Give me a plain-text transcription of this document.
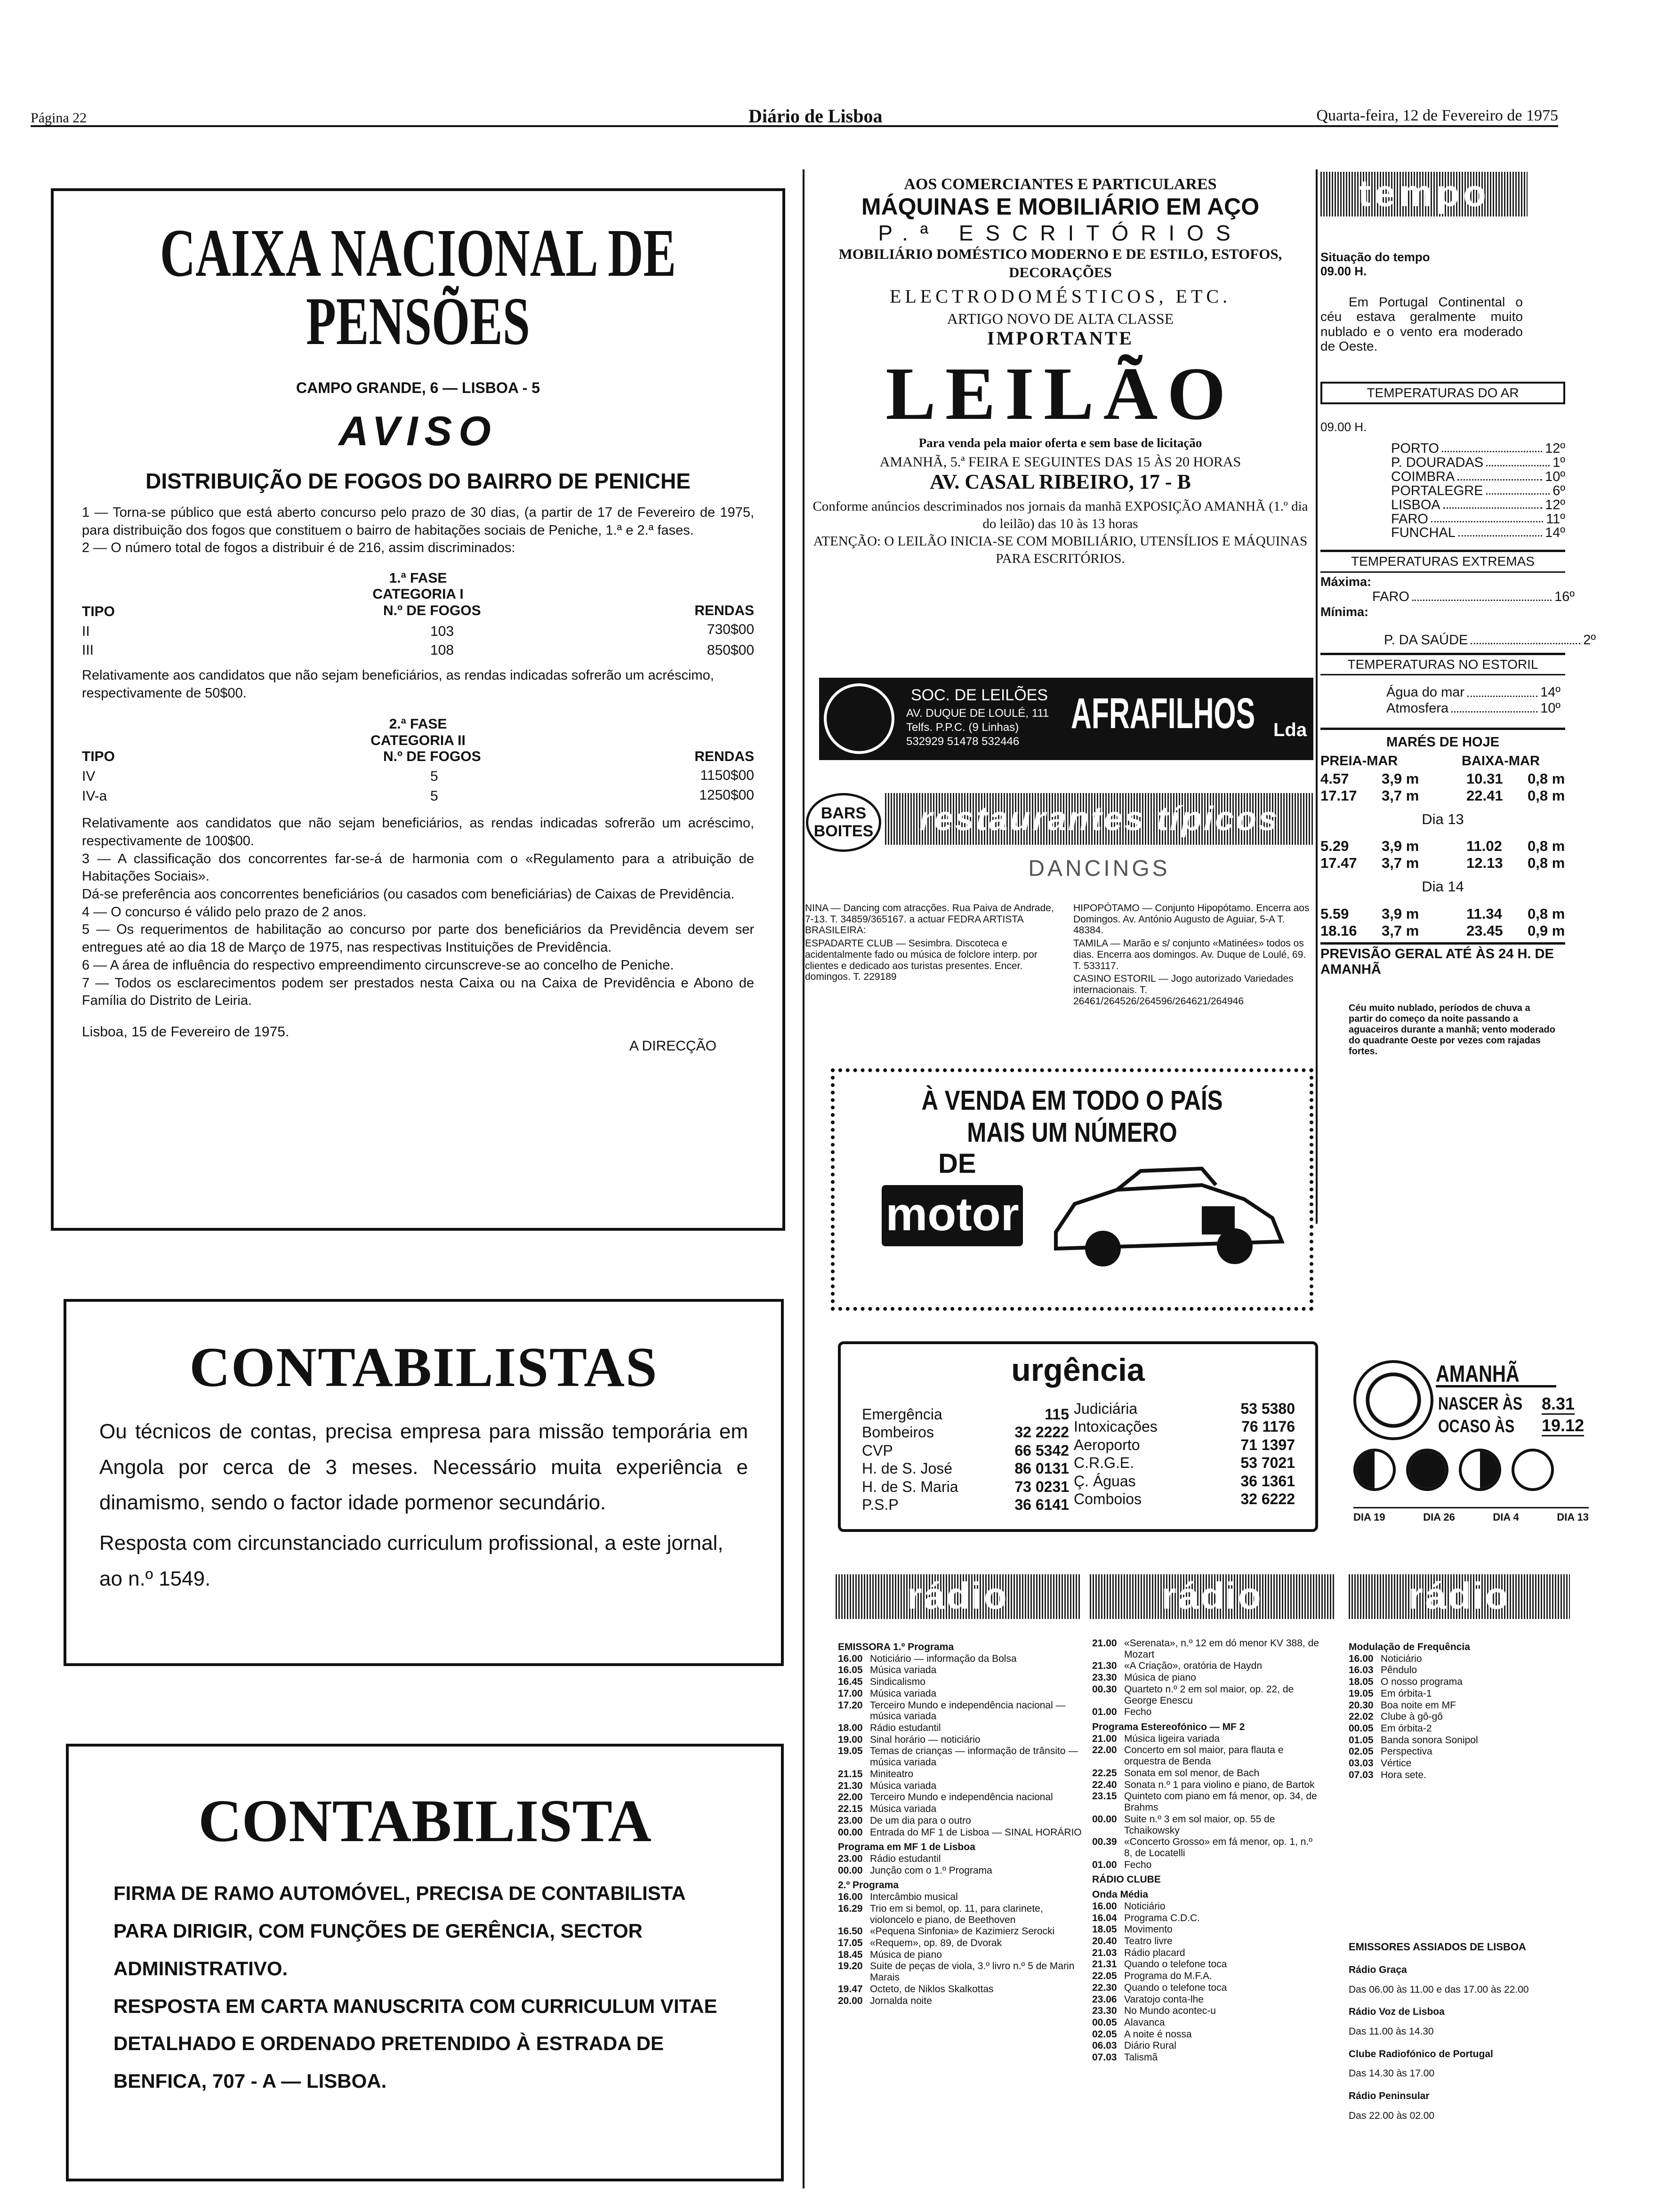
Página 22	Diário de Lisboa	Quarta-feira, 12 de Fevereiro de 1975
CAIXA NACIONAL DE PENSÕES
CAMPO GRANDE, 6 — LISBOA - 5
AVISO
DISTRIBUIÇÃO DE FOGOS DO BAIRRO DE PENICHE

1 — Torna-se público que está aberto concurso pelo prazo de 30 dias, (a partir de 17 de Fevereiro de 1975, para distribuição dos fogos que constituem o bairro de habitações sociais de Peniche, 1.ª e 2.ª fases.

2 — O número total de fogos a distribuir é de 216, assim discriminados:

1.ª FASE
CATEGORIA I
TIPO	N.º DE FOGOS	RENDAS
II	103	730$00
III	108	850$00

Relativamente aos candidatos que não sejam beneficiários, as rendas indicadas sofrerão um acréscimo, respectivamente de 50$00.

2.ª FASE
CATEGORIA II
TIPO	N.º DE FOGOS	RENDAS
IV	5	1150$00
IV-a	5	1250$00

Relativamente aos candidatos que não sejam beneficiários, as rendas indicadas sofrerão um acréscimo, respectivamente de 100$00.

3 — A classificação dos concorrentes far-se-á de harmonia com o «Regulamento para a atribuição de Habitações Sociais».

Dá-se preferência aos concorrentes beneficiários (ou casados com beneficiárias) de Caixas de Previdência.

4 — O concurso é válido pelo prazo de 2 anos.

5 — Os requerimentos de habilitação ao concurso por parte dos beneficiários da Previdência devem ser entregues até ao dia 18 de Março de 1975, nas respectivas Instituições de Previdência.

6 — A área de influência do respectivo empreendimento circunscreve-se ao concelho de Peniche.

7 — Todos os esclarecimentos podem ser prestados nesta Caixa ou na Caixa de Previdência e Abono de Família do Distrito de Leiria.

Lisboa, 15 de Fevereiro de 1975.
A DIRECÇÃO
CONTABILISTAS

Ou técnicos de contas, precisa empresa para missão temporária em Angola por cerca de 3 meses. Necessário muita experiência e dinamismo, sendo o factor idade pormenor secundário.

Resposta com circunstanciado curriculum profissional, a este jornal, ao n.º 1549.

CONTABILISTA

FIRMA DE RAMO AUTOMÓVEL, PRECISA DE CONTABILISTA PARA DIRIGIR, COM FUNÇÕES DE GERÊNCIA, SECTOR ADMINISTRATIVO.

RESPOSTA EM CARTA MANUSCRITA COM CURRICULUM VITAE DETALHADO E ORDENADO PRETENDIDO À ESTRADA DE BENFICA, 707 - A — LISBOA.

AOS COMERCIANTES E PARTICULARES
MÁQUINAS E MOBILIÁRIO EM AÇO
P.ª ESCRITÓRIOS
MOBILIÁRIO DOMÉSTICO MODERNO E DE ESTILO, ESTOFOS, DECORAÇÕES
ELECTRODOMÉSTICOS, ETC.
ARTIGO NOVO DE ALTA CLASSE
IMPORTANTE
LEILÃO
Para venda pela maior oferta e sem base de licitação
AMANHÃ, 5.ª FEIRA E SEGUINTES DAS 15 ÀS 20 HORAS
AV. CASAL RIBEIRO, 17 - B
Conforme anúncios descriminados nos jornais da manhã EXPOSIÇÃO AMANHÃ (1.º dia do leilão) das 10 às 13 horas
ATENÇÃO: O LEILÃO INICIA-SE COM MOBILIÁRIO, UTENSÍLIOS E MÁQUINAS PARA ESCRITÓRIOS.
SOC. DE LEILÕES
AV. DUQUE DE LOULÉ, 111
Telfs. P.P.C. (9 Linhas)
532929 51478 532446
AFRAFILHOS Lda
BARS BOITES	restaurantes típicos
DANCINGS

NINA — Dancing com atracções. Rua Paiva de Andrade, 7-13. T. 34859/365167. a actuar FEDRA ARTISTA BRASILEIRA:

ESPADARTE CLUB — Sesimbra. Discoteca e acidentalmente fado ou música de folclore interp. por clientes e dedicado aos turistas presentes. Encer. domingos. T. 229189

HIPOPÓTAMO — Conjunto Hipopótamo. Encerra aos Domingos. Av. António Augusto de Aguiar, 5-A T. 48384.

TAMILA — Marão e s/ conjunto «Matinées» todos os dias. Encerra aos domingos. Av. Duque de Loulé, 69. T. 533117.

CASINO ESTORIL — Jogo autorizado Variedades internacionais. T. 26461/264526/264596/264621/264946

À VENDA EM TODO O PAÍS
MAIS UM NÚMERO
DE
motor
urgência
Emergência	115
Bombeiros	32 2222
CVP	66 5342
H. de S. José	86 0131
H. de S. Maria	73 0231
P.S.P	36 6141
Judiciária	53 5380
Intoxicações	76 1176
Aeroporto	71 1397
C.R.G.E.	53 7021
Ç. Águas	36 1361
Comboios	32 6222
tempo
Situação do tempo
09.00 H.

Em Portugal Continental o céu estava geralmente muito nublado e o vento era moderado de Oeste.

TEMPERATURAS DO AR
09.00 H.
PORTO	12º
P. DOURADAS	1º
COIMBRA	10º
PORTALEGRE	6º
LISBOA	12º
FARO	11º
FUNCHAL	14º
TEMPERATURAS EXTREMAS
Máxima:
FARO	16º
Mínima:
P. DA SAÚDE	2º
TEMPERATURAS NO ESTORIL
Água do mar	14º
Atmosfera	10º
MARÉS DE HOJE
PREIA-MAR	BAIXA-MAR
4.57 3,9 m	10.31 0,8 m
17.17 3,7 m	22.41 0,8 m
Dia 13
5.29 3,9 m	11.02 0,8 m
17.47 3,7 m	12.13 0,8 m
Dia 14
5.59 3,9 m	11.34 0,8 m
18.16 3,7 m	23.45 0,9 m
PREVISÃO GERAL ATÉ ÀS 24 H. DE AMANHÃ

Céu muito nublado, períodos de chuva a partir do começo da noite passando a aguaceiros durante a manhã; vento moderado do quadrante Oeste por vezes com rajadas fortes.

AMANHÃ
NASCER ÀS 8.31
OCASO ÀS 19.12
DIA 19	DIA 26	DIA 4	DIA 13
rádio	rádio	rádio
EMISSORA 1.º Programa
16.00 Noticiário — informação da Bolsa
16.05 Música variada
16.45 Sindicalismo
17.00 Música variada
17.20 Terceiro Mundo e independência nacional — música variada
18.00 Rádio estudantil
19.00 Sinal horário — noticiário
19.05 Temas de crianças — informação de trânsito — música variada
21.15 Miniteatro
21.30 Música variada
22.00 Terceiro Mundo e independência nacional
22.15 Música variada
23.00 De um dia para o outro
00.00 Entrada do MF 1 de Lisboa — SINAL HORÁRIO
Programa em MF 1 de Lisboa
23.00 Rádio estudantil
00.00 Junção com o 1.º Programa
2.º Programa
16.00 Intercâmbio musical
16.29 Trio em si bemol, op. 11, para clarinete, violoncelo e piano, de Beethoven
16.50 «Pequena Sinfonia» de Kazimierz Serocki
17.05 «Requem», op. 89, de Dvorak
18.45 Música de piano
19.20 Suite de peças de viola, 3.º livro n.º 5 de Marin Marais
19.47 Octeto, de Niklos Skalkottas
20.00 Jornalda noite
21.00 «Serenata», n.º 12 em dó menor KV 388, de Mozart
21.30 «A Criação», oratória de Haydn
23.30 Música de piano
00.30 Quarteto n.º 2 em sol maior, op. 22, de George Enescu
01.00 Fecho
Programa Estereofónico — MF 2
21.00 Música ligeira variada
22.00 Concerto em sol maior, para flauta e orquestra de Benda
22.25 Sonata em sol menor, de Bach
22.40 Sonata n.º 1 para violino e piano, de Bartok
23.15 Quinteto com piano em fá menor, op. 34, de Brahms
00.00 Suite n.º 3 em sol maior, op. 55 de Tchaikowsky
00.39 «Concerto Grosso» em fá menor, op. 1, n.º 8, de Locatelli
01.00 Fecho
RÁDIO CLUBE
Onda Média
16.00 Noticiário
16.04 Programa C.D.C.
18.05 Movimento
20.40 Teatro livre
21.03 Rádio placard
21.31 Quando o telefone toca
22.05 Programa do M.F.A.
22.30 Quando o telefone toca
23.06 Varatojo conta-lhe
23.30 No Mundo acontec-u
00.05 Alavanca
02.05 A noite é nossa
06.03 Diário Rural
07.03 Talismã
Modulação de Frequência
16.00 Noticiário
16.03 Pêndulo
18.05 O nosso programa
19.05 Em órbita-1
20.30 Boa noite em MF
22.02 Clube à gô-gô
00.05 Em órbita-2
01.05 Banda sonora Sonipol
02.05 Perspectiva
03.03 Vértice
07.03 Hora sete.
EMISSORES ASSIADOS DE LISBOA
Rádio Graça
Das 06.00 às 11.00 e das 17.00 às 22.00
Rádio Voz de Lisboa
Das 11.00 às 14.30
Clube Radiofónico de Portugal
Das 14.30 às 17.00
Rádio Peninsular
Das 22.00 às 02.00
